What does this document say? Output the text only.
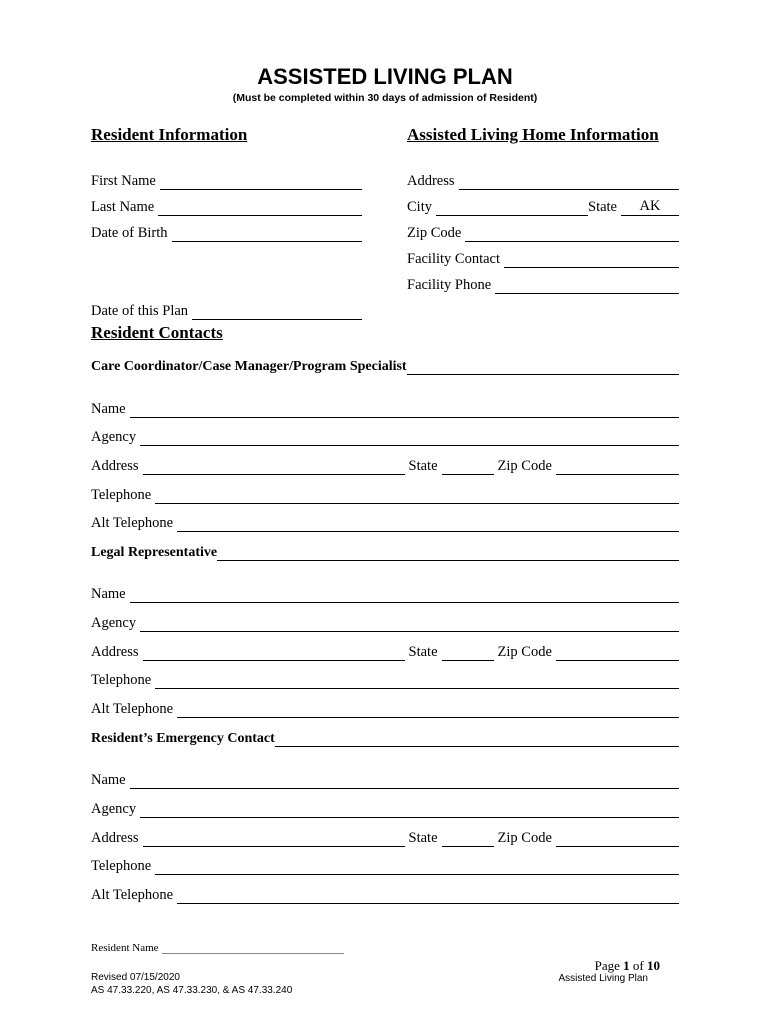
ASSISTED LIVING PLAN
(Must be completed within 30 days of admission of Resident)
Resident Information
First Name
Last Name
Date of Birth
Date of this Plan
Assisted Living Home Information
Address
City	State	AK
Zip Code
Facility Contact
Facility Phone
Resident Contacts
Care Coordinator/Case Manager/Program Specialist
Name
Agency
Address	State	Zip Code
Telephone
Alt Telephone
Legal Representative
Name
Agency
Address	State	Zip Code
Telephone
Alt Telephone
Resident’s Emergency Contact
Name
Agency
Address	State	Zip Code
Telephone
Alt Telephone
Resident Name
Revised 07/15/2020
AS 47.33.220, AS 47.33.230, & AS 47.33.240
Page 1 of 10
Assisted Living Plan
